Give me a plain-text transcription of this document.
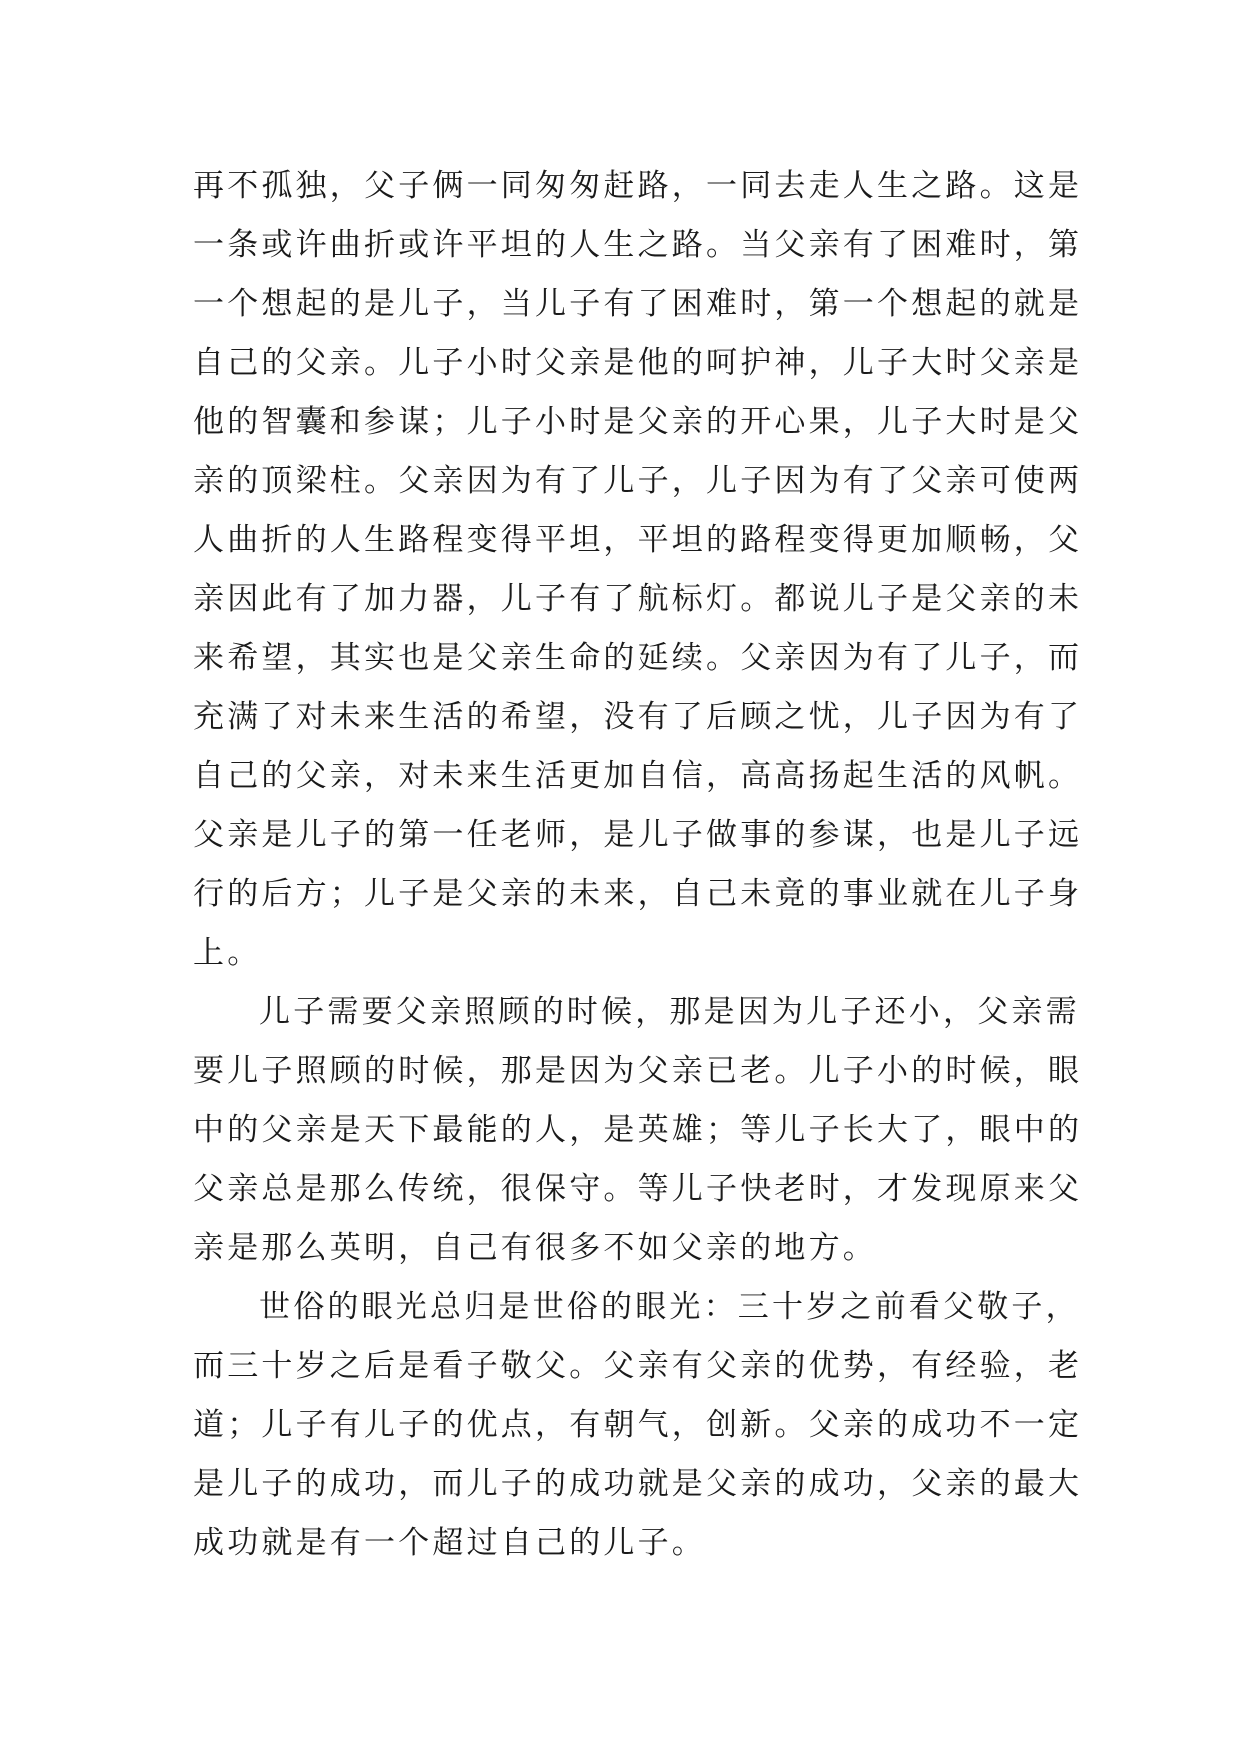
再不孤独，父子俩一同匆匆赶路，一同去走人生之路。这是
一条或许曲折或许平坦的人生之路。当父亲有了困难时，第
一个想起的是儿子，当儿子有了困难时，第一个想起的就是
自己的父亲。儿子小时父亲是他的呵护神，儿子大时父亲是
他的智囊和参谋；儿子小时是父亲的开心果，儿子大时是父
亲的顶梁柱。父亲因为有了儿子，儿子因为有了父亲可使两
人曲折的人生路程变得平坦，平坦的路程变得更加顺畅，父
亲因此有了加力器，儿子有了航标灯。都说儿子是父亲的未
来希望，其实也是父亲生命的延续。父亲因为有了儿子，而
充满了对未来生活的希望，没有了后顾之忧，儿子因为有了
自己的父亲，对未来生活更加自信，高高扬起生活的风帆。
父亲是儿子的第一任老师，是儿子做事的参谋，也是儿子远
行的后方；儿子是父亲的未来，自己未竟的事业就在儿子身
上。
儿子需要父亲照顾的时候，那是因为儿子还小，父亲需
要儿子照顾的时候，那是因为父亲已老。儿子小的时候，眼
中的父亲是天下最能的人，是英雄；等儿子长大了，眼中的
父亲总是那么传统，很保守。等儿子快老时，才发现原来父
亲是那么英明，自己有很多不如父亲的地方。
世俗的眼光总归是世俗的眼光：三十岁之前看父敬子，
而三十岁之后是看子敬父。父亲有父亲的优势，有经验，老
道；儿子有儿子的优点，有朝气，创新。父亲的成功不一定
是儿子的成功，而儿子的成功就是父亲的成功，父亲的最大
成功就是有一个超过自己的儿子。
